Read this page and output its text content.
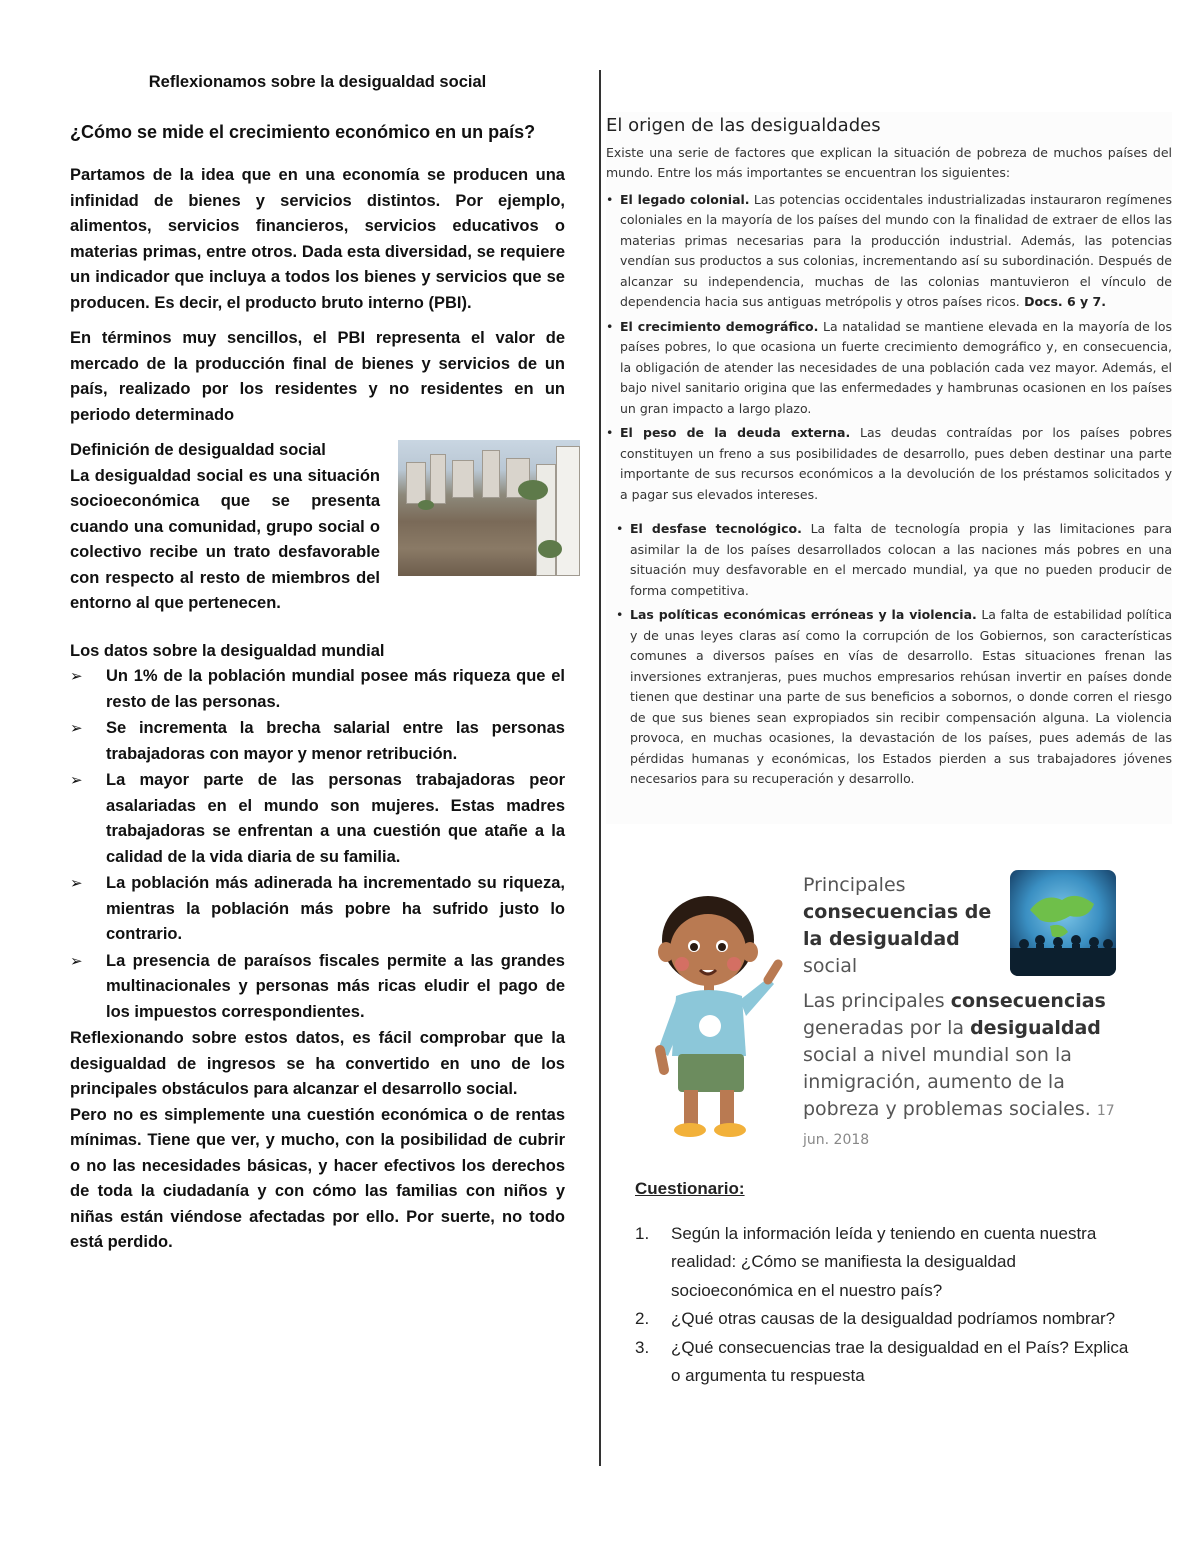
Reflexionamos sobre la desigualdad social
¿Cómo se mide el crecimiento económico en un país?

Partamos de la idea que en una economía se producen una infinidad de bienes y servicios distintos. Por ejemplo, alimentos, servicios financieros, servicios educativos o materias primas, entre otros. Dada esta diversidad, se requiere un indicador que incluya a todos los bienes y servicios que se producen. Es decir, el producto bruto interno (PBI).

En términos muy sencillos, el PBI representa el valor de mercado de la producción final de bienes y servicios de un país, realizado por los residentes y no residentes en un periodo determinado

Definición de desigualdad social
La desigualdad social es una situación socioeconómica que se presenta cuando una comunidad, grupo social o colectivo recibe un trato desfavorable con respecto al resto de miembros del entorno al que pertenecen.
Los datos sobre la desigualdad mundial
➢ Un 1% de la población mundial posee más riqueza que el resto de las personas.
➢ Se incrementa la brecha salarial entre las personas trabajadoras con mayor y menor retribución.
➢ La mayor parte de las personas trabajadoras peor asalariadas en el mundo son mujeres. Estas madres trabajadoras se enfrentan a una cuestión que atañe a la calidad de la vida diaria de su familia.
➢ La población más adinerada ha incrementado su riqueza, mientras la población más pobre ha sufrido justo lo contrario.
➢ La presencia de paraísos fiscales permite a las grandes multinacionales y personas más ricas eludir el pago de los impuestos correspondientes.

Reflexionando sobre estos datos, es fácil comprobar que la desigualdad de ingresos se ha convertido en uno de los principales obstáculos para alcanzar el desarrollo social.

Pero no es simplemente una cuestión económica o de rentas mínimas. Tiene que ver, y mucho, con la posibilidad de cubrir o no las necesidades básicas, y hacer efectivos los derechos de toda la ciudadanía y con cómo las familias con niños y niñas están viéndose afectadas por ello. Por suerte, no todo está perdido.

El origen de las desigualdades

Existe una serie de factores que explican la situación de pobreza de muchos países del mundo. Entre los más importantes se encuentran los siguientes:

• El legado colonial. Las potencias occidentales industrializadas instauraron regímenes coloniales en la mayoría de los países del mundo con la finalidad de extraer de ellos las materias primas necesarias para la producción industrial. Además, las potencias vendían sus productos a sus colonias, incrementando así su subordinación. Después de alcanzar su independencia, muchas de las colonias mantuvieron el vínculo de dependencia hacia sus antiguas metrópolis y otros países ricos. Docs. 6 y 7.
• El crecimiento demográfico. La natalidad se mantiene elevada en la mayoría de los países pobres, lo que ocasiona un fuerte crecimiento demográfico y, en consecuencia, la obligación de atender las necesidades de una población cada vez mayor. Además, el bajo nivel sanitario origina que las enfermedades y hambrunas ocasionen en los países un gran impacto a largo plazo.
• El peso de la deuda externa. Las deudas contraídas por los países pobres constituyen un freno a sus posibilidades de desarrollo, pues deben destinar una parte importante de sus recursos económicos a la devolución de los préstamos solicitados y a pagar sus elevados intereses.
• El desfase tecnológico. La falta de tecnología propia y las limitaciones para asimilar la de los países desarrollados colocan a las naciones más pobres en una situación muy desfavorable en el mercado mundial, ya que no pueden producir de forma competitiva.
• Las políticas económicas erróneas y la violencia. La falta de estabilidad política y de unas leyes claras así como la corrupción de los Gobiernos, son características comunes a diversos países en vías de desarrollo. Estas situaciones frenan las inversiones extranjeras, pues muchos empresarios rehúsan invertir en países donde tienen que destinar una parte de sus beneficios a sobornos, o donde corren el riesgo de que sus bienes sean expropiados sin recibir compensación alguna. La violencia provoca, en muchas ocasiones, la devastación de los países, pues además de las pérdidas humanas y económicas, los Estados pierden a sus trabajadores jóvenes necesarios para su recuperación y desarrollo.
Principales consecuencias de la desigualdad social
Las principales consecuencias generadas por la desigualdad social a nivel mundial son la inmigración, aumento de la pobreza y problemas sociales. 17 jun. 2018
Cuestionario:
1. Según la información leída y teniendo en cuenta nuestra realidad: ¿Cómo se manifiesta la desigualdad socioeconómica en el nuestro país?
2. ¿Qué otras causas de la desigualdad podríamos nombrar?
3. ¿Qué consecuencias trae la desigualdad en el País? Explica o argumenta tu respuesta
